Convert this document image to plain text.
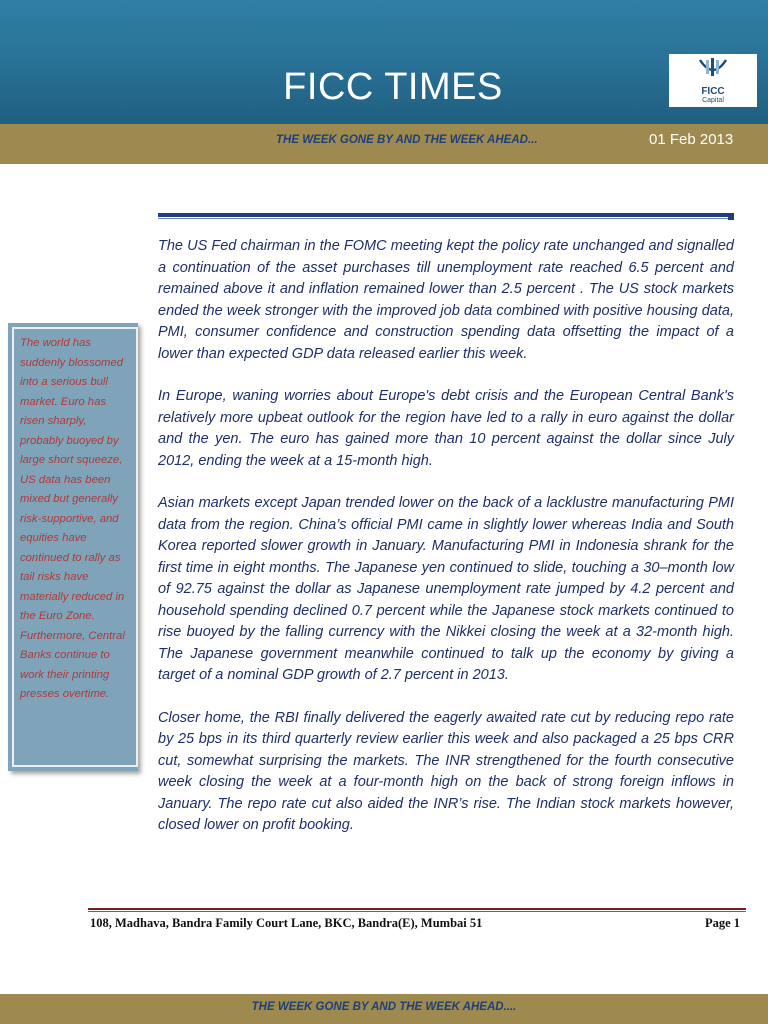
FICC TIMES	FICC
Capital
THE WEEK GONE BY AND THE WEEK AHEAD...	01 Feb 2013

The US Fed chairman in the FOMC meeting kept the policy rate unchanged and signalled a continuation of the asset purchases till unemployment rate reached 6.5 percent and remained above it and inflation remained lower than 2.5 percent . The US stock markets ended the week stronger with the improved job data combined with positive housing data, PMI, consumer confidence and construction spending data offsetting the impact of a lower than expected GDP data released earlier this week.

In Europe, waning worries about Europe's debt crisis and the European Central Bank's relatively more upbeat outlook for the region have led to a rally in euro against the dollar and the yen. The euro has gained more than 10 percent against the dollar since July 2012, ending the week at a 15-month high.

Asian markets except Japan trended lower on the back of a lacklustre manufacturing PMI data from the region. China’s official PMI came in slightly lower whereas India and South Korea reported slower growth in January. Manufacturing PMI in Indonesia shrank for the first time in eight months. The Japanese yen continued to slide, touching a 30–month low of 92.75 against the dollar as Japanese unemployment rate jumped by 4.2 percent and household spending declined 0.7 percent while the Japanese stock markets continued to rise buoyed by the falling currency with the Nikkei closing the week at a 32-month high. The Japanese government meanwhile continued to talk up the economy by giving a target of a nominal GDP growth of 2.7 percent in 2013.

Closer home, the RBI finally delivered the eagerly awaited rate cut by reducing repo rate by 25 bps in its third quarterly review earlier this week and also packaged a 25 bps CRR cut, somewhat surprising the markets. The INR strengthened for the fourth consecutive week closing the week at a four-month high on the back of strong foreign inflows in January. The repo rate cut also aided the INR’s rise. The Indian stock markets however, closed lower on profit booking.

The world has suddenly blossomed into a serious bull market. Euro has risen sharply, probably buoyed by large short squeeze, US data has been mixed but generally risk-supportive, and equities have continued to rally as tail risks have materially reduced in the Euro Zone. Furthermore, Central Banks continue to work their printing presses overtime.
108, Madhava, Bandra Family Court Lane, BKC, Bandra(E), Mumbai 51	Page 1
THE WEEK GONE BY AND THE WEEK AHEAD....
